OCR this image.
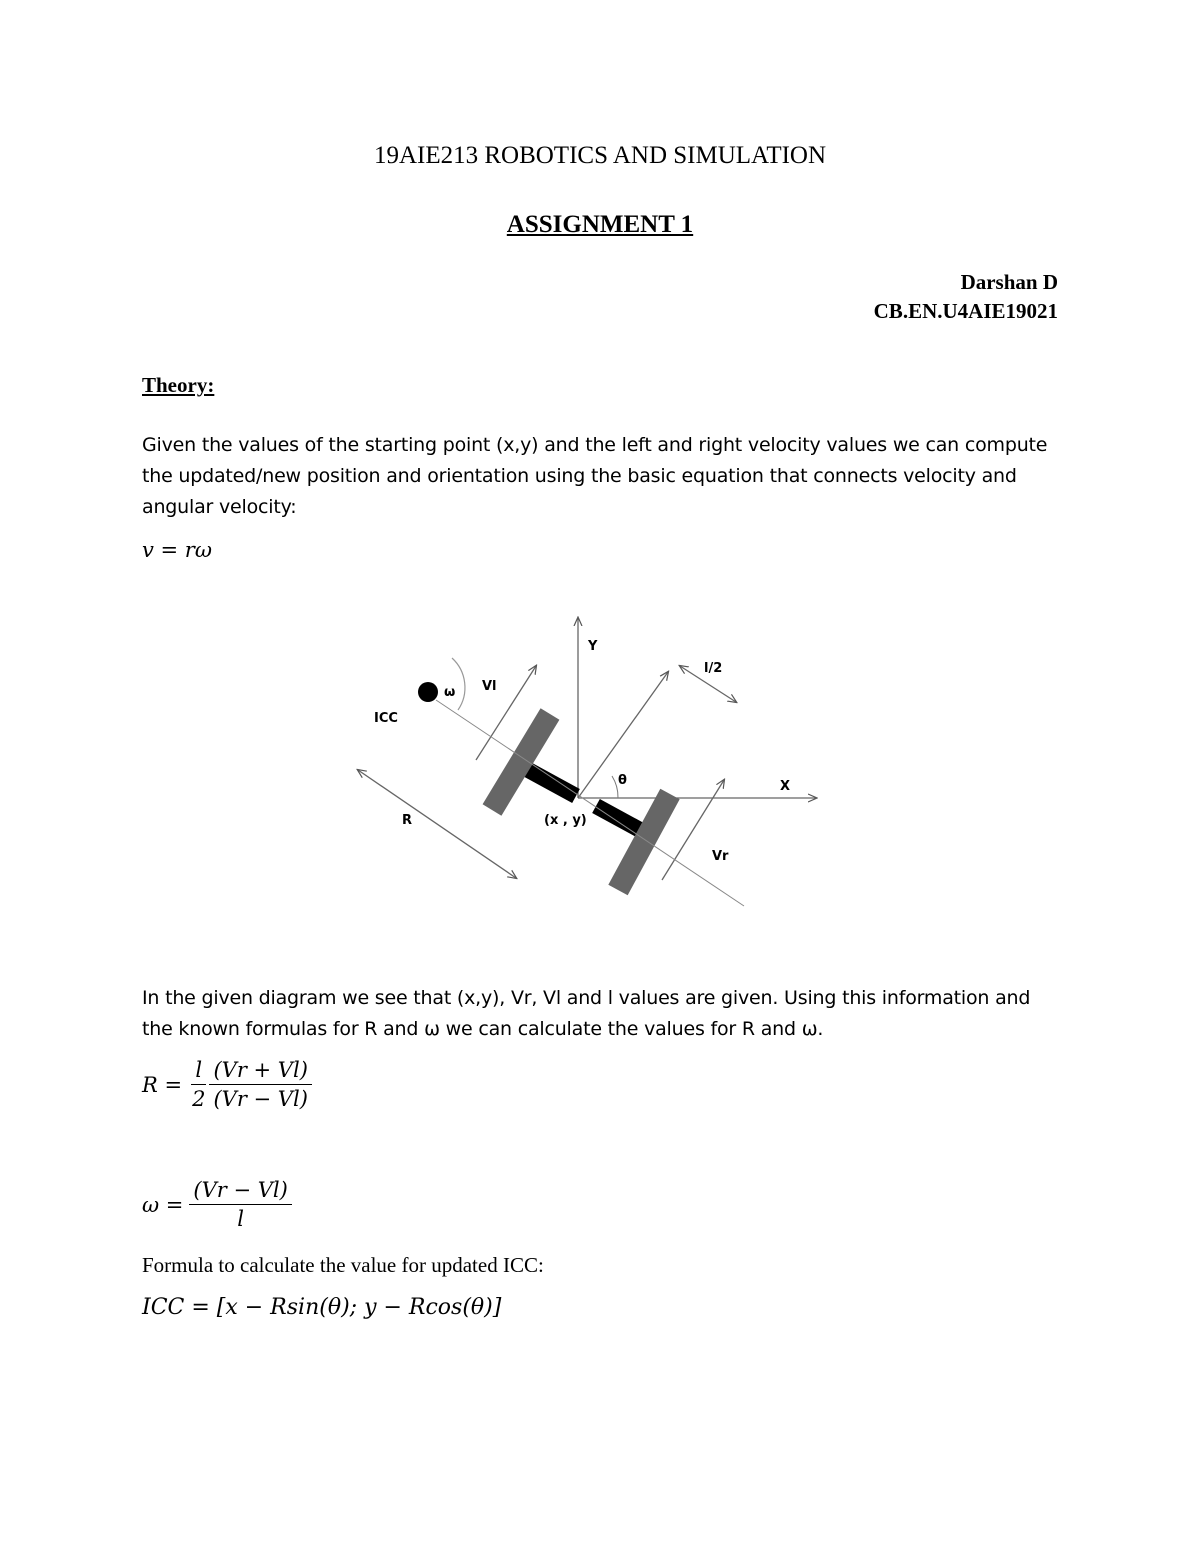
19AIE213 ROBOTICS AND SIMULATION
ASSIGNMENT 1
Darshan D
CB.EN.U4AIE19021
Theory:

Given the values of the starting point (x,y) and the left and right velocity values we can compute the updated/new position and orientation using the basic equation that connects velocity and angular velocity:

v = rω
Y
X
l/2
ω Vl
ICC
θ
R	(x , y)
Vr

In the given diagram we see that (x,y), Vr, Vl and l values are given. Using this information and the known formulas for R and ω we can calculate the values for R and ω.

$R = \frac{l}{2} \frac{(Vr + Vl)}{(Vr - Vl)}$
$\omega = \frac{(Vr - Vl)}{l}$

Formula to calculate the value for updated ICC:

ICC = [x − Rsin(θ); y − Rcos(θ)]
